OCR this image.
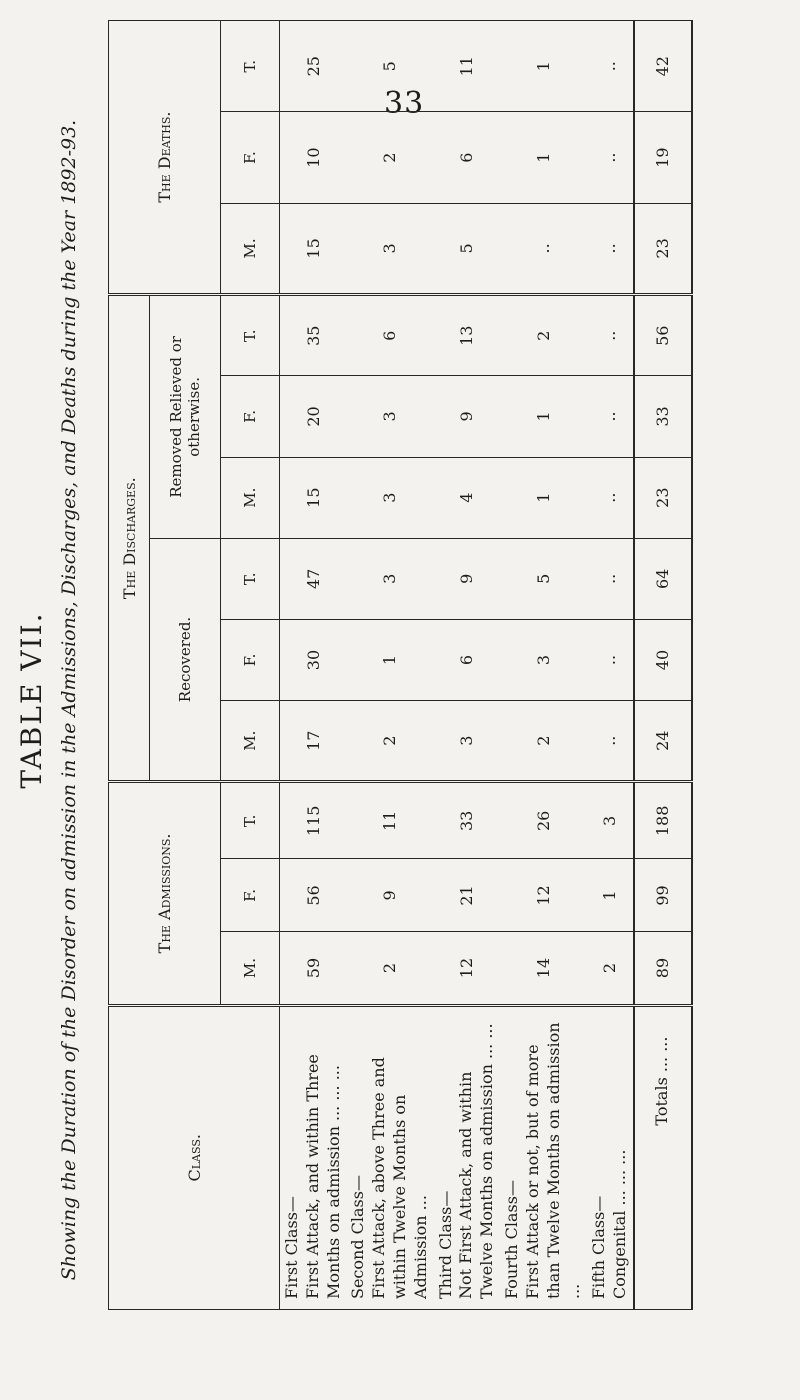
33
TABLE VII. Showing the Duration of the Disorder on admission in the Admissions, Discharges, and Deaths during the Year 1892-93.	Class.	The Admissions.			The Discharges.						The Deaths.		
				Recovered.			Removed Relieved or otherwise.					
	M.	F.	T.	M.	F.	T.	M.	F.	T.	M.	F.	T.
First Class— First Attack, and within Three Months on admission ... ... ...	59	56	115	17	30	47	15	20	35	15	10	25
Second Class— First Attack, above Three and within Twelve Months on Admission ...	2	9	11	2	1	3	3	3	6	3	2	5
Third Class— Not First Attack, and within Twelve Months on admission ... ...	12	21	33	3	6	9	4	9	13	5	6	11
Fourth Class— First Attack or not, but of more than Twelve Months on admission ...	14	12	26	2	3	5	1	1	2	..	1	1
Fifth Class— Congenital ... ... ...	2	1	3	..	..	..	..	..	..	..	..	..
Totals ... ...	89	99	188	24	40	64	23	33	56	23	19	42
